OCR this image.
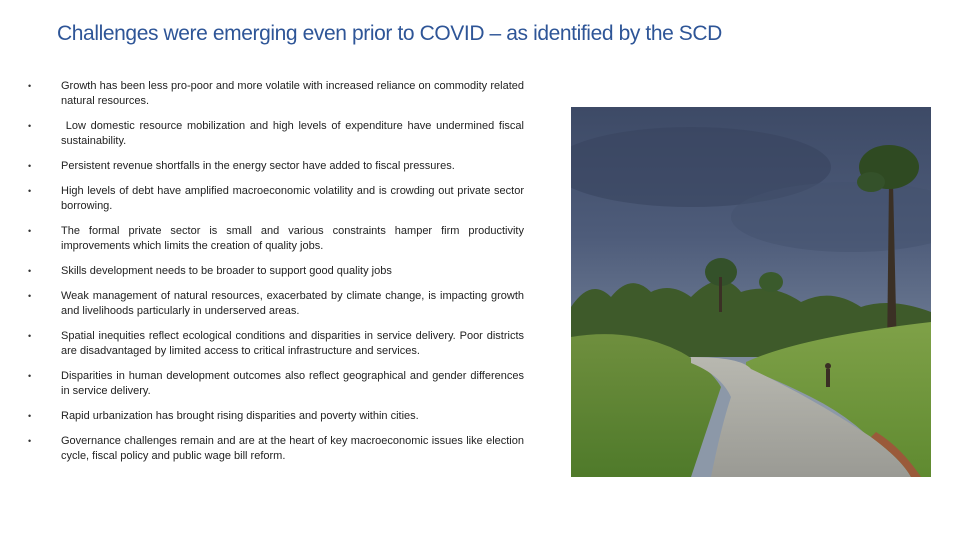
Challenges were emerging even prior to COVID – as identified by the SCD
•	Growth has been less pro-poor and more volatile with increased reliance on commodity related natural resources.
•	Low domestic resource mobilization and high levels of expenditure have undermined fiscal sustainability.
•	Persistent revenue shortfalls in the energy sector have added to fiscal pressures.
•	High levels of debt have amplified macroeconomic volatility and is crowding out private sector borrowing.
•	The formal private sector is small and various constraints hamper firm productivity improvements which limits the creation of quality jobs.
•	Skills development needs to be broader to support good quality jobs
•	Weak management of natural resources, exacerbated by climate change, is impacting growth and livelihoods particularly in underserved areas.
•	Spatial inequities reflect ecological conditions and disparities in service delivery. Poor districts are disadvantaged by limited access to critical infrastructure and services.
•	Disparities in human development outcomes also reflect geographical and gender differences in service delivery.
•	Rapid urbanization has brought rising disparities and poverty within cities.
•	Governance challenges remain and are at the heart of key macroeconomic issues like election cycle, fiscal policy and public wage bill reform.
